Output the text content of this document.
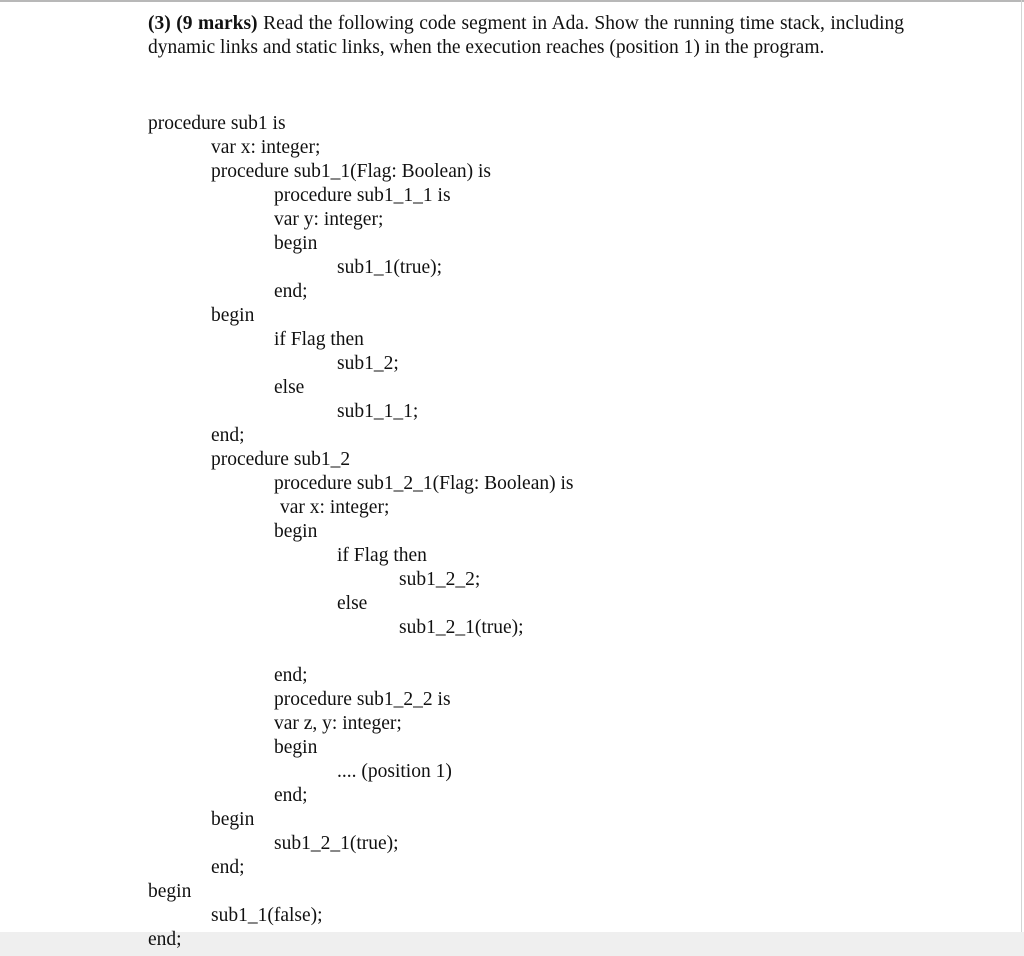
(3) (9 marks) Read the following code segment in Ada. Show the running time stack, including dynamic links and static links, when the execution reaches (position 1) in the program.
procedure sub1 is
var x: integer;
procedure sub1_1(Flag: Boolean) is
procedure sub1_1_1 is
var y: integer;
begin
sub1_1(true);
end;
begin
if Flag then
sub1_2;
else
sub1_1_1;
end;
procedure sub1_2
procedure sub1_2_1(Flag: Boolean) is
var x: integer;
begin
if Flag then
sub1_2_2;
else
sub1_2_1(true);
end;
procedure sub1_2_2 is
var z, y: integer;
begin
.... (position 1)
end;
begin
sub1_2_1(true);
end;
begin
sub1_1(false);
end;
